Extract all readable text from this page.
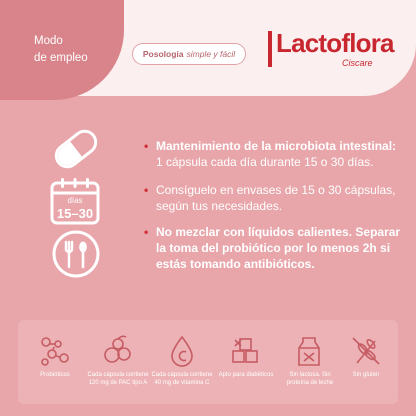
Modo
de empleo	Posología simple y fácil Lactoflora
Ciscare
días
15–30
• Mantenimiento de la microbiota intestinal:
1 cápsula cada día durante 15 o 30 días.
• Consíguelo en envases de 15 o 30 cápsulas, según tus necesidades.
• No mezclar con líquidos calientes. Separar la toma del probiótico por lo menos 2h si estás tomando antibióticos.
Probióticos	Cada cápsula contiene 120 mg de PAC tipo A
Cada cápsula contiene 40 mg de vitamina C
Apto para diabéticos	Sin lactosa. Sin proteína de leche
Sin gluten
